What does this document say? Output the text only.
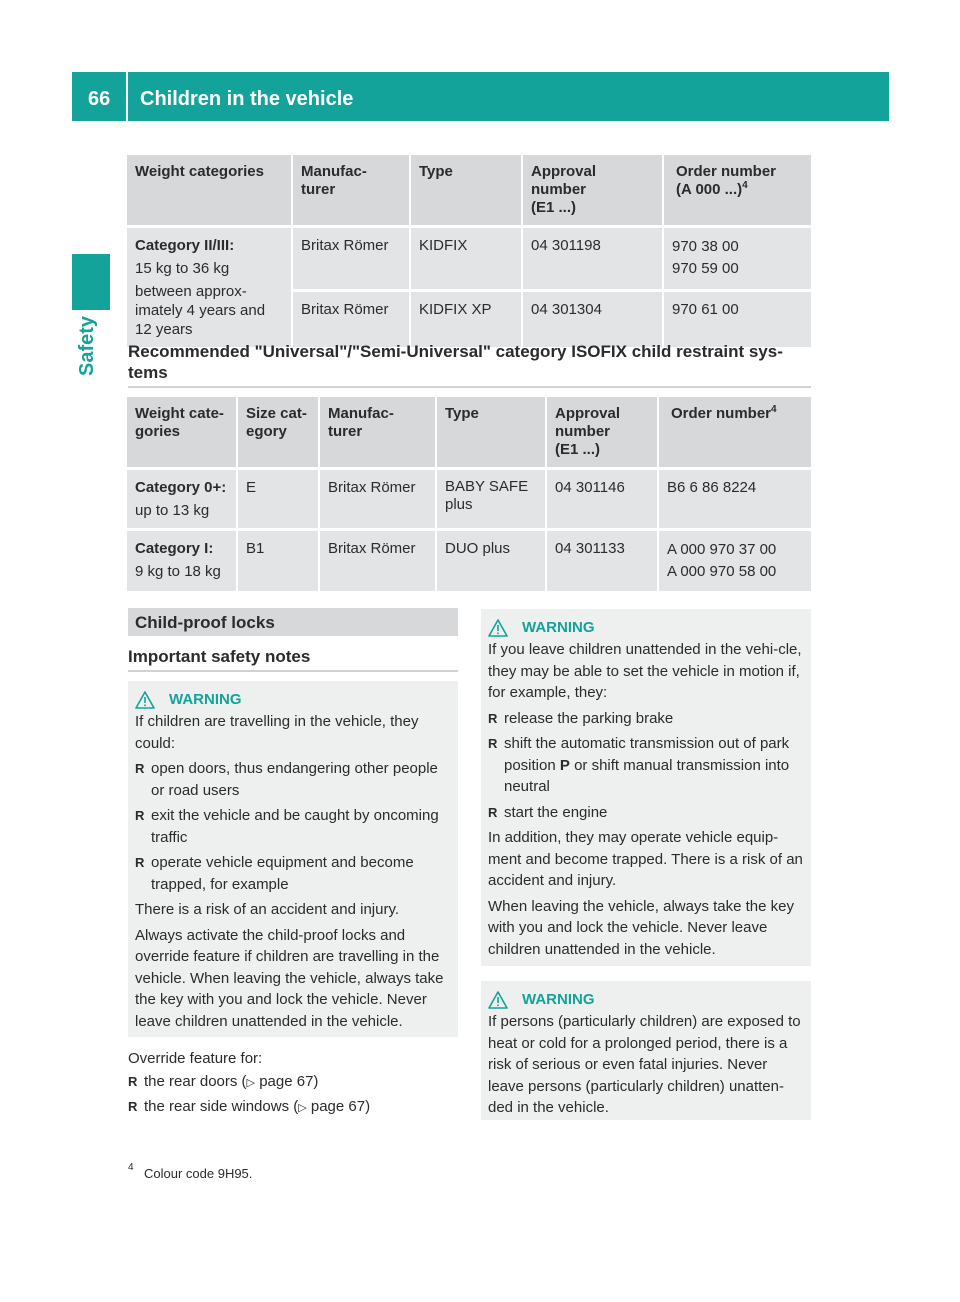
66 Children in the vehicle
Safety
Weight categories	Manufac-
turer	Type	Approval number
(E1 ...)	Order number
(A 000 ...)$^4$

Category II/III:
15 kg to 36 kg
between approx-
imately 4 years and
12 years	Britax Römer	KIDFIX	04 301198	970 38 00
970 59 00

	Britax Römer	KIDFIX XP	04 301304	970 61 00
Recommended "Universal"/"Semi-Universal" category ISOFIX child restraint sys-
tems
Weight cate-
gories	Size cat-
egory	Manufac-
turer	Type	Approval
number
(E1 ...)	Order number$^4$

Category 0+:
up to 13 kg	E	Britax Römer	BABY SAFE
plus	04 301146	B6 6 86 8224

Category I:
9 kg to 18 kg	B1	Britax Römer	DUO plus	04 301133	A 000 970 37 00
A 000 970 58 00
Child-proof locks
Important safety notes
WARNING

If children are travelling in the vehicle, they could:

R open doors, thus endangering other people or road users
R exit the vehicle and be caught by oncoming traffic
R operate vehicle equipment and become trapped, for example

There is a risk of an accident and injury.

Always activate the child-proof locks and override feature if children are travelling in the vehicle. When leaving the vehicle, always take the key with you and lock the vehicle. Never leave children unattended in the vehicle.

Override feature for:
R the rear doors (▷ page 67)
R the rear side windows (▷ page 67)
WARNING

If you leave children unattended in the vehi-cle, they may be able to set the vehicle in motion if, for example, they:

R release the parking brake
R shift the automatic transmission out of park position P or shift manual transmission into neutral
R start the engine

In addition, they may operate vehicle equip-ment and become trapped. There is a risk of an accident and injury.

When leaving the vehicle, always take the key with you and lock the vehicle. Never leave children unattended in the vehicle.

WARNING

If persons (particularly children) are exposed to heat or cold for a prolonged period, there is a risk of serious or even fatal injuries. Never leave persons (particularly children) unatten-ded in the vehicle.

4 Colour code 9H95.
